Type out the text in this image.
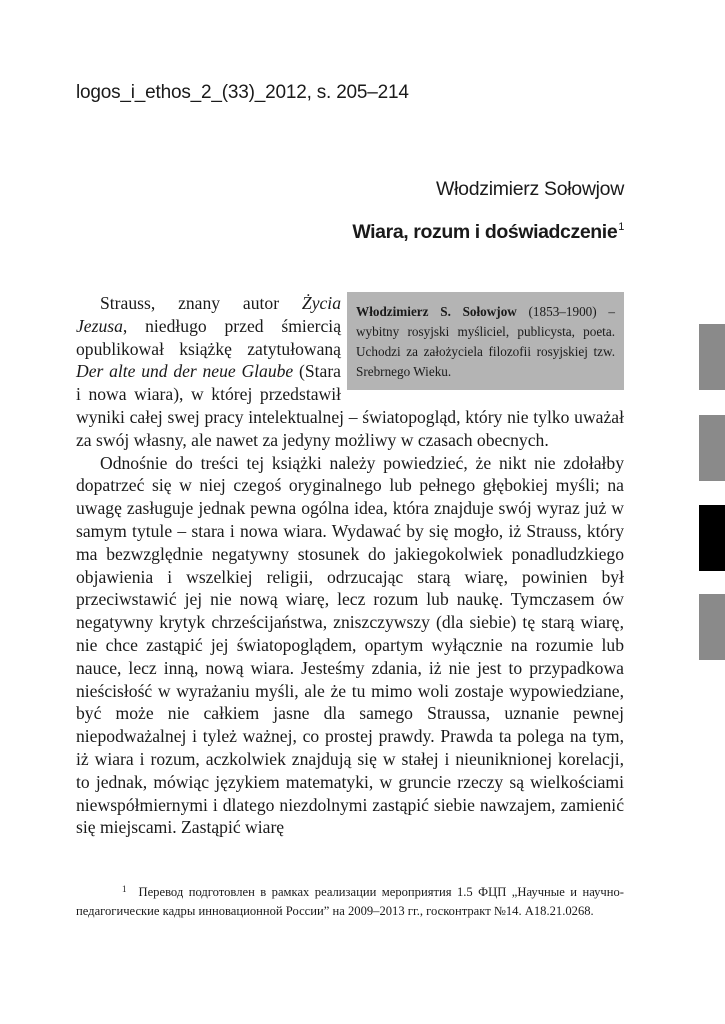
logos_i_ethos_2_(33)_2012, s. 205–214
Włodzimierz Sołowjow
Wiara, rozum i doświadczenie$^1$

Strauss, znany autor Życia Jezusa, niedługo przed śmiercią opublikował książkę zatytułowaną Der alte und der neue Glaube (Stara i nowa wiara), w której przedstawił wyniki całej swej pracy intelektualnej – światopogląd, który nie tylko uważał za swój własny, ale nawet za jedyny możliwy w czasach obecnych.

Odnośnie do treści tej książki należy powiedzieć, że nikt nie zdołałby dopatrzeć się w niej czegoś oryginalnego lub pełnego głębokiej myśli; na uwagę zasługuje jednak pewna ogólna idea, która znajduje swój wyraz już w samym tytule – stara i nowa wiara. Wydawać by się mogło, iż Strauss, który ma bezwzględnie negatywny stosunek do jakiegokolwiek ponadludzkiego objawienia i wszelkiej religii, odrzucając starą wiarę, powinien był przeciwstawić jej nie nową wiarę, lecz rozum lub naukę. Tymczasem ów negatywny krytyk chrześcijaństwa, zniszczywszy (dla siebie) tę starą wiarę, nie chce zastąpić jej światopoglądem, opartym wyłącznie na rozumie lub nauce, lecz inną, nową wiara. Jesteśmy zdania, iż nie jest to przypadkowa nieścisłość w wyrażaniu myśli, ale że tu mimo woli zostaje wypowiedziane, być może nie całkiem jasne dla samego Straussa, uznanie pewnej niepodważalnej i tyleż ważnej, co prostej prawdy. Prawda ta polega na tym, iż wiara i rozum, aczkolwiek znajdują się w stałej i nieuniknionej korelacji, to jednak, mówiąc językiem matematyki, w gruncie rzeczy są wielkościami niewspółmiernymi i dlatego niezdolnymi zastąpić siebie nawzajem, zamienić się miejscami. Zastąpić wiarę

Włodzimierz S. Sołowjow (1853–1900) – wybitny rosyjski myśliciel, publicysta, poeta. Uchodzi za założyciela filozofii rosyjskiej tzw. Srebrnego Wieku.
$^1$ Перевод подготовлен в рамках реализации мероприятия 1.5 ФЦП „Научные и научно-педагогические кадры инновационной России” на 2009–2013 гг., госконтракт №14. A18.21.0268.
